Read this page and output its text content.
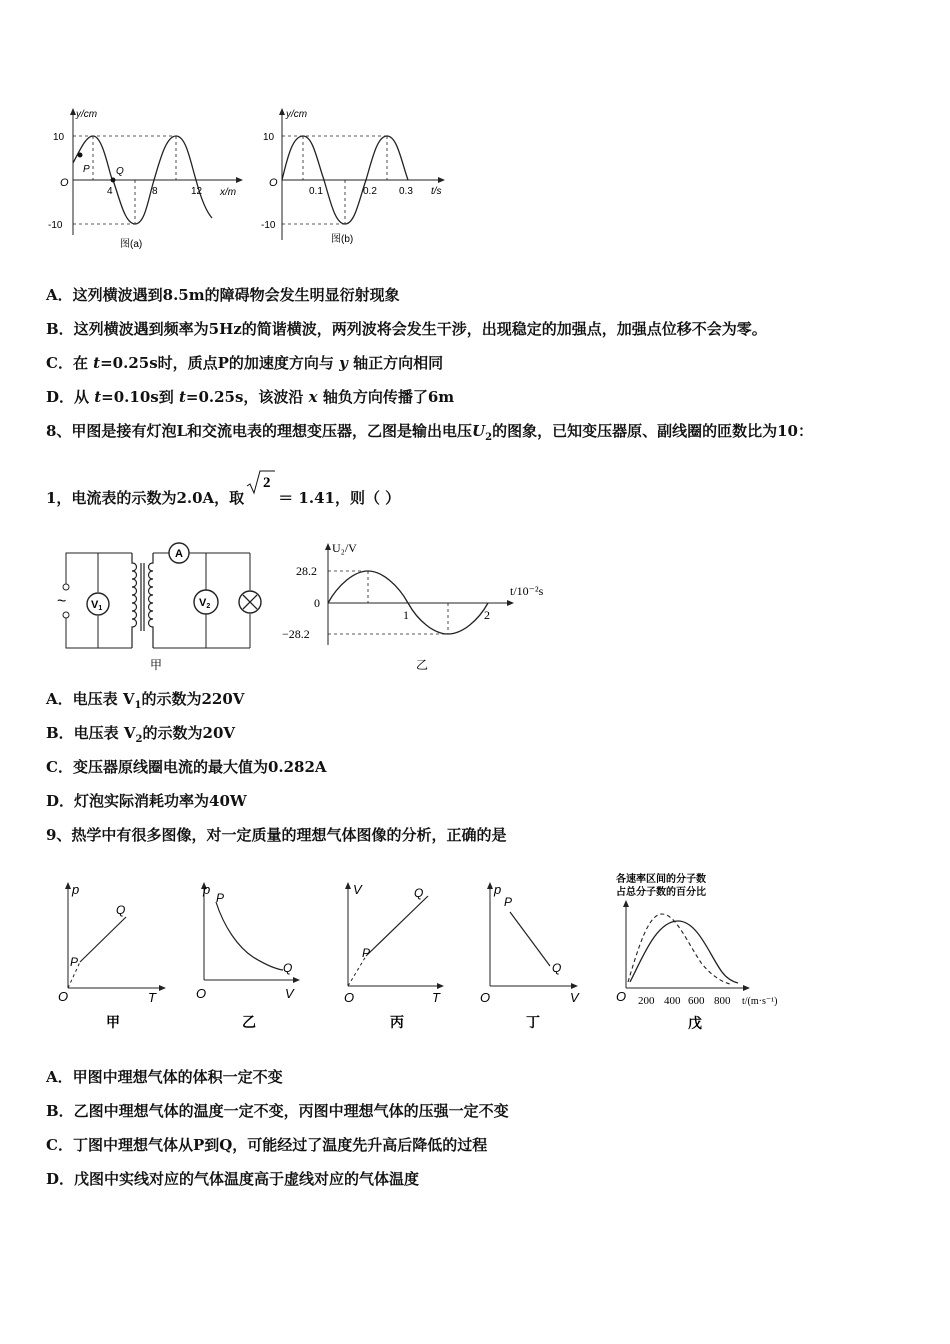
y/cm
10
-10
O
P	Q
4	8	12 x/m
图(a)
y/cm
10
-10
O
0.1	0.2 0.3 t/s
图(b)
A．这列横波遇到8.5m的障碍物会发生明显衍射现象
B．这列横波遇到频率为5Hz的简谐横波，两列波将会发生干涉，出现稳定的加强点，加强点位移不会为零。
C．在 t=0.25s时，质点P的加速度方向与 y 轴正方向相同
D．从 t=0.10s到 t=0.25s，该波沿 x 轴负方向传播了6m
8、甲图是接有灯泡L和交流电表的理想变压器，乙图是输出电压$U_2$的图象，已知变压器原、副线圈的匝数比为10：
1，电流表的示数为2.0A，取
2
＝ 1.41，则（ ）
~ V1
A
V2
甲
U₂/V
t/10⁻²s
28.2
0
−28.2
1	2
乙
A．电压表 $V_1$的示数为220V
B．电压表 $V_2$的示数为20V
C．变压器原线圈电流的最大值为0.282A
D．灯泡实际消耗功率为40W
9、热学中有很多图像，对一定质量的理想气体图像的分析，正确的是
p
T
O
P
Q
甲
p
V
O
P
Q
乙
V
T
O
P
Q
丙
p
V
O
P
Q
丁
各速率区间的分子数
占总分子数的百分比
O 200 400 600 800 t/(m·s⁻¹)
戊
A．甲图中理想气体的体积一定不变
B．乙图中理想气体的温度一定不变，丙图中理想气体的压强一定不变
C．丁图中理想气体从P到Q，可能经过了温度先升高后降低的过程
D．戊图中实线对应的气体温度高于虚线对应的气体温度
